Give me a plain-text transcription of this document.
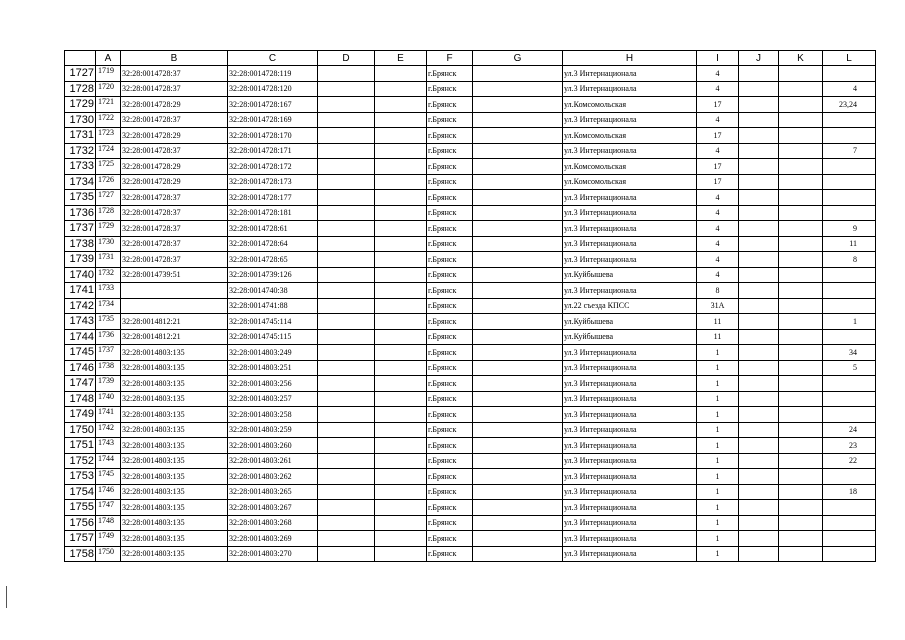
	A	B	C	D	E	F	G	H	I	J	K	L
1727	1719	32:28:0014728:37	32:28:0014728:119			г.Брянск		ул.3 Интернационала	4			
1728	1720	32:28:0014728:37	32:28:0014728:120			г.Брянск		ул.3 Интернационала	4			4
1729	1721	32:28:0014728:29	32:28:0014728:167			г.Брянск		ул.Комсомольская	17			23,24
1730	1722	32:28:0014728:37	32:28:0014728:169			г.Брянск		ул.3 Интернационала	4			
1731	1723	32:28:0014728:29	32:28:0014728:170			г.Брянск		ул.Комсомольская	17			
1732	1724	32:28:0014728:37	32:28:0014728:171			г.Брянск		ул.3 Интернационала	4			7
1733	1725	32:28:0014728:29	32:28:0014728:172			г.Брянск		ул.Комсомольская	17			
1734	1726	32:28:0014728:29	32:28:0014728:173			г.Брянск		ул.Комсомольская	17			
1735	1727	32:28:0014728:37	32:28:0014728:177			г.Брянск		ул.3 Интернационала	4			
1736	1728	32:28:0014728:37	32:28:0014728:181			г.Брянск		ул.3 Интернационала	4			
1737	1729	32:28:0014728:37	32:28:0014728:61			г.Брянск		ул.3 Интернационала	4			9
1738	1730	32:28:0014728:37	32:28:0014728:64			г.Брянск		ул.3 Интернационала	4			11
1739	1731	32:28:0014728:37	32:28:0014728:65			г.Брянск		ул.3 Интернационала	4			8
1740	1732	32:28:0014739:51	32:28:0014739:126			г.Брянск		ул.Куйбышева	4			
1741	1733		32:28:0014740:38			г.Брянск		ул.3 Интернационала	8			
1742	1734		32:28:0014741:88			г.Брянск		ул.22 съезда КПСС	31А			
1743	1735	32:28:0014812:21	32:28:0014745:114			г.Брянск		ул.Куйбышева	11			1
1744	1736	32:28:0014812:21	32:28:0014745:115			г.Брянск		ул.Куйбышева	11			
1745	1737	32:28:0014803:135	32:28:0014803:249			г.Брянск		ул.3 Интернационала	1			34
1746	1738	32:28:0014803:135	32:28:0014803:251			г.Брянск		ул.3 Интернационала	1			5
1747	1739	32:28:0014803:135	32:28:0014803:256			г.Брянск		ул.3 Интернационала	1			
1748	1740	32:28:0014803:135	32:28:0014803:257			г.Брянск		ул.3 Интернационала	1			
1749	1741	32:28:0014803:135	32:28:0014803:258			г.Брянск		ул.3 Интернационала	1			
1750	1742	32:28:0014803:135	32:28:0014803:259			г.Брянск		ул.3 Интернационала	1			24
1751	1743	32:28:0014803:135	32:28:0014803:260			г.Брянск		ул.3 Интернационала	1			23
1752	1744	32:28:0014803:135	32:28:0014803:261			г.Брянск		ул.3 Интернационала	1			22
1753	1745	32:28:0014803:135	32:28:0014803:262			г.Брянск		ул.3 Интернационала	1			
1754	1746	32:28:0014803:135	32:28:0014803:265			г.Брянск		ул.3 Интернационала	1			18
1755	1747	32:28:0014803:135	32:28:0014803:267			г.Брянск		ул.3 Интернационала	1			
1756	1748	32:28:0014803:135	32:28:0014803:268			г.Брянск		ул.3 Интернационала	1			
1757	1749	32:28:0014803:135	32:28:0014803:269			г.Брянск		ул.3 Интернационала	1			
1758	1750	32:28:0014803:135	32:28:0014803:270			г.Брянск		ул.3 Интернационала	1			
